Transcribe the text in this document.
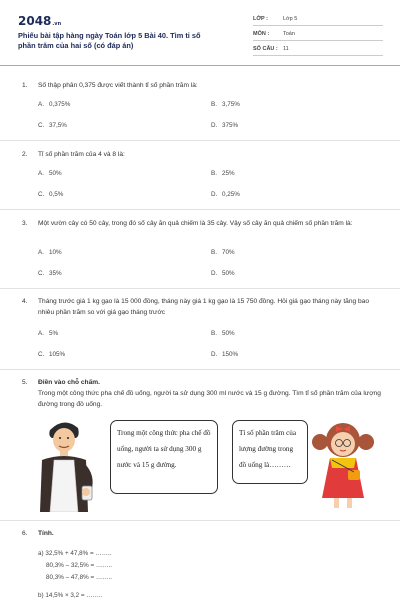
2048.vn
Phiếu bài tập hàng ngày Toán lớp 5 Bài 40. Tìm tỉ số phần trăm của hai số (có đáp án)
LỚP :	Lớp 5
MÔN :	Toán
SỐ CÂU : 11
1. Số thập phân 0,375 được viết thành tỉ số phần trăm là:
A. 0,375%	B. 3,75%
C. 37,5%	D. 375%
2. Tỉ số phần trăm của 4 và 8 là:
A. 50%	B. 25%
C. 0,5%	D. 0,25%
3. Một vườn cây có 50 cây, trong đó số cây ăn quả chiếm là 35 cây. Vậy số cây ăn quả chiếm số phần trăm là:
A. 10%	B. 70%
C. 35%	D. 50%
4. Tháng trước giá 1 kg gạo là 15 000 đồng, tháng này giá 1 kg gạo là 15 750 đồng. Hỏi giá gạo tháng này tăng bao nhiêu phần trăm so với giá gạo tháng trước
A. 5%	B. 50%
C. 105%	D. 150%
5. Điền vào chỗ chấm.
Trong một công thức pha chế đồ uống, người ta sử dụng 300 ml nước và 15 g đường. Tìm tỉ số phần trăm của lượng đường trong đồ uống.
Trong một công thức pha chế đồ uống, người ta sử dụng 300 g nước và 15 g đường.
Tỉ số phần trăm của lượng đường trong đồ uống là………
6. Tính.
a) 32,5% + 47,8% = ……..
80,3% – 32,5% = ……..
80,3% – 47,8% = ……..
b) 14,5% × 3,2 = ……..
